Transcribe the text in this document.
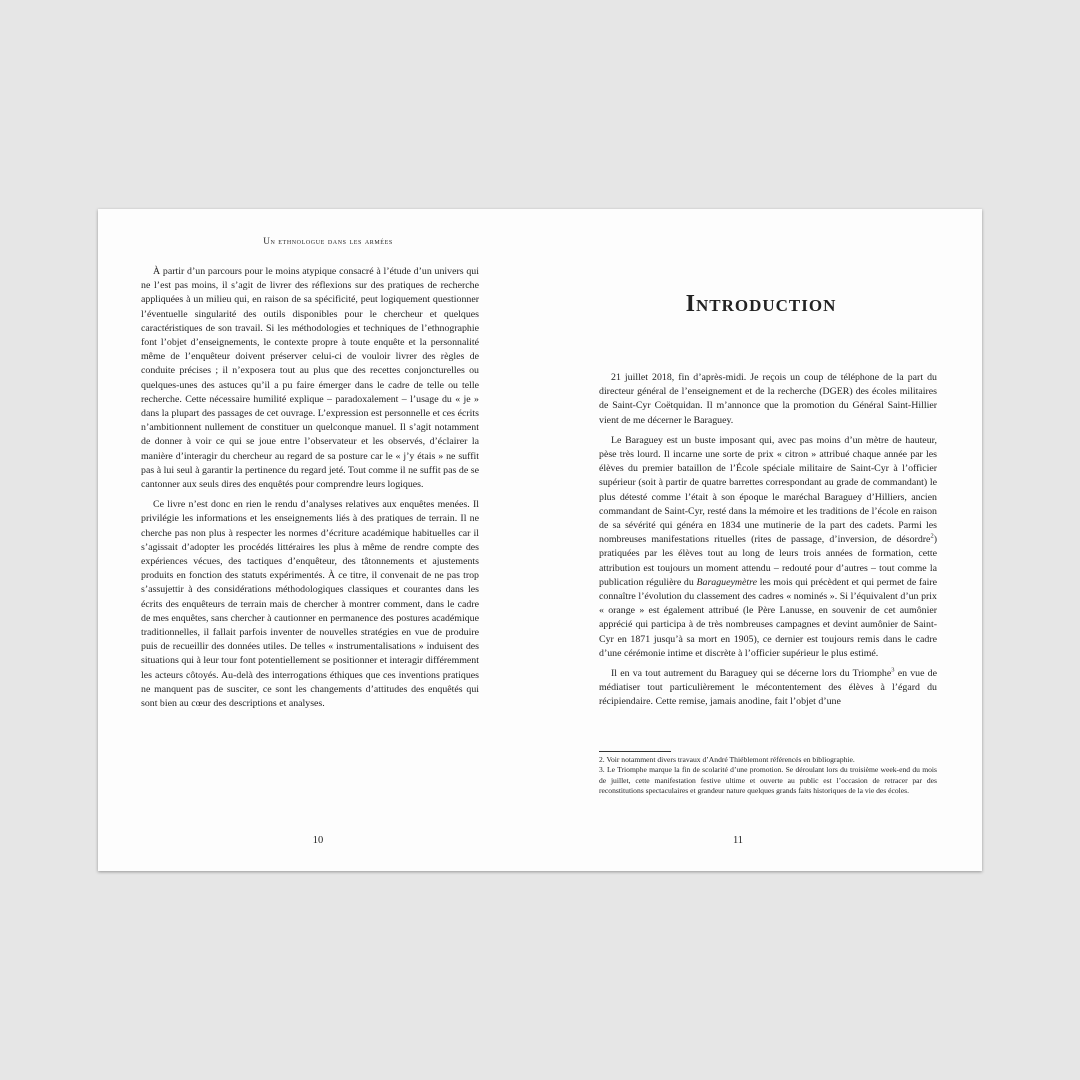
Un ethnologue dans les armées

À partir d’un parcours pour le moins atypique consacré à l’étude d’un univers qui ne l’est pas moins, il s’agit de livrer des réflexions sur des pratiques de recherche appliquées à un milieu qui, en raison de sa spécificité, peut logiquement questionner l’éventuelle singularité des outils disponibles pour le chercheur et quelques caractéristiques de son travail. Si les méthodologies et techniques de l’ethnographie font l’objet d’enseignements, le contexte propre à toute enquête et la personnalité même de l’enquêteur doivent préserver celui-ci de vouloir livrer des règles de conduite précises ; il n’exposera tout au plus que des recettes conjoncturelles ou quelques-unes des astuces qu’il a pu faire émerger dans le cadre de telle ou telle recherche. Cette nécessaire humilité explique – paradoxalement – l’usage du « je » dans la plupart des passages de cet ouvrage. L’expression est personnelle et ces écrits n’ambitionnent nullement de constituer un quelconque manuel. Il s’agit notamment de donner à voir ce qui se joue entre l’observateur et les observés, d’éclairer la manière d’interagir du chercheur au regard de sa posture car le « j’y étais » ne suffit pas à lui seul à garantir la pertinence du regard jeté. Tout comme il ne suffit pas de se cantonner aux seuls dires des enquêtés pour comprendre leurs logiques.

Ce livre n’est donc en rien le rendu d’analyses relatives aux enquêtes menées. Il privilégie les informations et les enseignements liés à des pratiques de terrain. Il ne cherche pas non plus à respecter les normes d’écriture académique habituelles car il s’agissait d’adopter les procédés littéraires les plus à même de rendre compte des expériences vécues, des tactiques d’enquêteur, des tâtonnements et ajustements produits en fonction des statuts expérimentés. À ce titre, il convenait de ne pas trop s’assujettir à des considérations méthodologiques classiques et courantes dans les écrits des enquêteurs de terrain mais de chercher à montrer comment, dans le cadre de mes enquêtes, sans chercher à cautionner en permanence des postures académique traditionnelles, il fallait parfois inventer de nouvelles stratégies en vue de produire puis de recueillir des données utiles. De telles « instrumentalisations » induisent des situations qui à leur tour font potentiellement se positionner et interagir différemment les acteurs côtoyés. Au-delà des interrogations éthiques que ces inventions pratiques ne manquent pas de susciter, ce sont les changements d’attitudes des enquêtés qui sont bien au cœur des descriptions et analyses.

10
Introduction

21 juillet 2018, fin d’après-midi. Je reçois un coup de téléphone de la part du directeur général de l’enseignement et de la recherche (DGER) des écoles militaires de Saint-Cyr Coëtquidan. Il m’annonce que la promotion du Général Saint-Hillier vient de me décerner le Baraguey.

Le Baraguey est un buste imposant qui, avec pas moins d’un mètre de hauteur, pèse très lourd. Il incarne une sorte de prix « citron » attribué chaque année par les élèves du premier bataillon de l’École spéciale militaire de Saint-Cyr à l’officier supérieur (soit à partir de quatre barrettes correspondant au grade de commandant) le plus détesté comme l’était à son époque le maréchal Baraguey d’Hilliers, ancien commandant de Saint-Cyr, resté dans la mémoire et les traditions de l’école en raison de sa sévérité qui généra en 1834 une mutinerie de la part des cadets. Parmi les nombreuses manifestations rituelles (rites de passage, d’inversion, de désordre$^2$) pratiquées par les élèves tout au long de leurs trois années de formation, cette attribution est toujours un moment attendu – redouté pour d’autres – tout comme la publication régulière du Baragueymètre les mois qui précèdent et qui permet de faire connaître l’évolution du classement des cadres « nominés ». Si l’équivalent d’un prix « orange » est également attribué (le Père Lanusse, en souvenir de cet aumônier apprécié qui participa à de très nombreuses campagnes et devint aumônier de Saint-Cyr en 1871 jusqu’à sa mort en 1905), ce dernier est toujours remis dans le cadre d’une cérémonie intime et discrète à l’officier supérieur le plus estimé.

Il en va tout autrement du Baraguey qui se décerne lors du Triomphe$^3$ en vue de médiatiser tout particulièrement le mécontentement des élèves à l’égard du récipiendaire. Cette remise, jamais anodine, fait l’objet d’une

2. Voir notamment divers travaux d’André Thiéblemont référencés en bibliographie.
3. Le Triomphe marque la fin de scolarité d’une promotion. Se déroulant lors du troisième week-end du mois de juillet, cette manifestation festive ultime et ouverte au public est l’occasion de retracer par des reconstitutions spectaculaires et grandeur nature quelques grands faits historiques de la vie des écoles.
11
